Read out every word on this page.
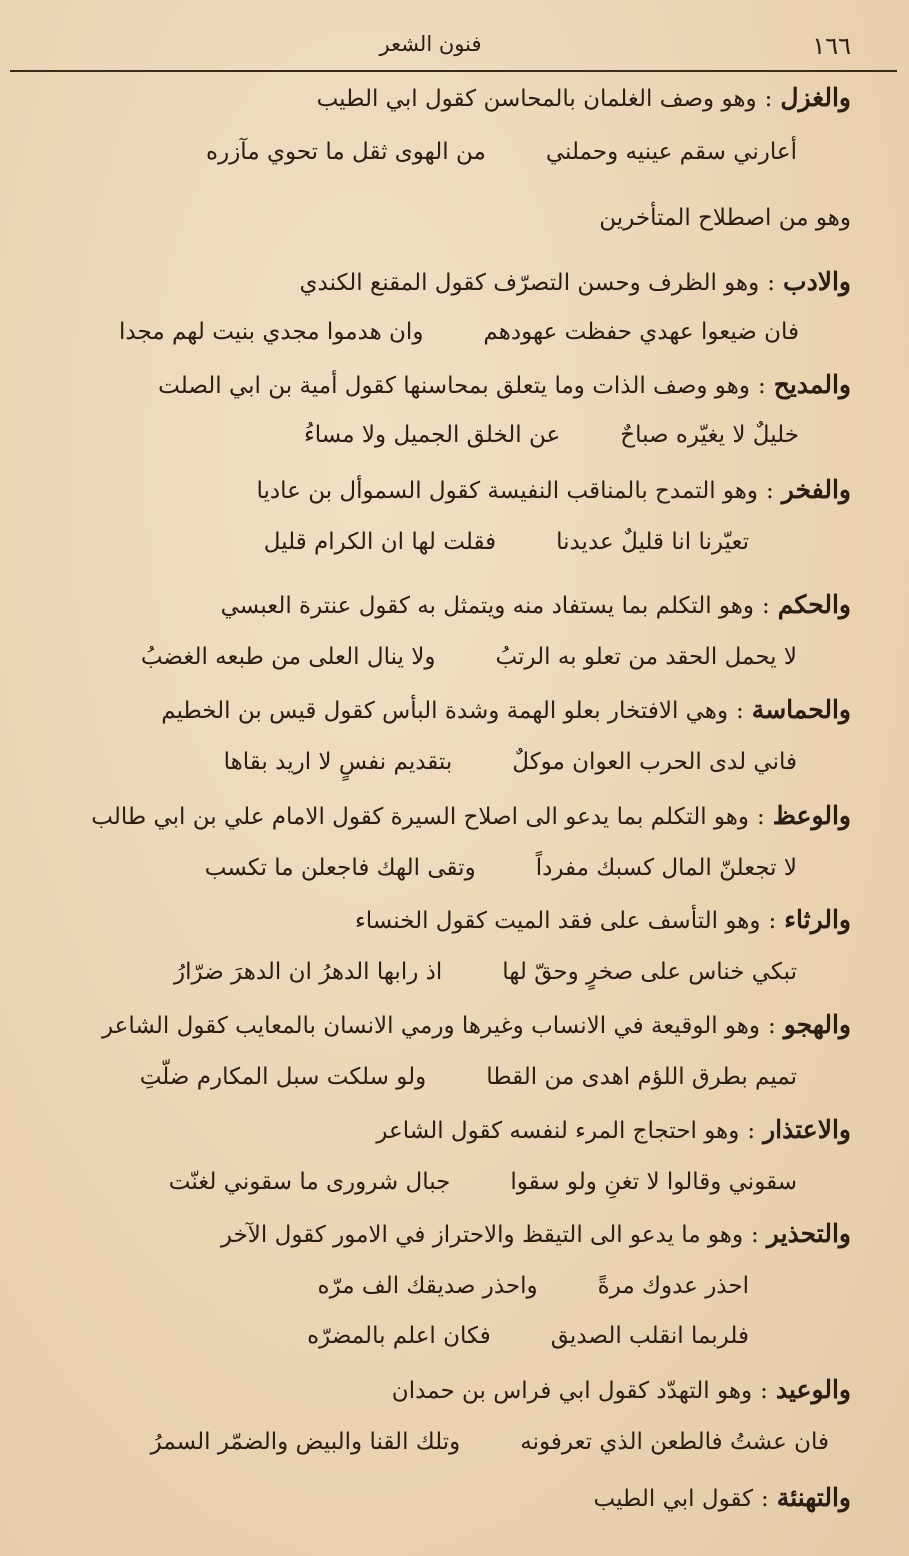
١٦٦
فنون الشعر
والغزل:وهو وصف الغلمان بالمحاسن كقول ابي الطيب
أعارني سقم عينيه وحملني
من الهوى ثقل ما تحوي مآزره
وهو من اصطلاح المتأخرين
والادب:وهو الظرف وحسن التصرّف كقول المقنع الكندي
فان ضيعوا عهدي حفظت عهودهم
وان هدموا مجدي بنيت لهم مجدا
والمديح:وهو وصف الذات وما يتعلق بمحاسنها كقول أمية بن ابي الصلت
خليلٌ لا يغيّره صباحٌ
عن الخلق الجميل ولا مساءُ
والفخر:وهو التمدح بالمناقب النفيسة كقول السموأل بن عاديا
تعيّرنا انا قليلٌ عديدنا
فقلت لها ان الكرام قليل
والحكم:وهو التكلم بما يستفاد منه ويتمثل به كقول عنترة العبسي
لا يحمل الحقد من تعلو به الرتبُ
ولا ينال العلى من طبعه الغضبُ
والحماسة:وهي الافتخار بعلو الهمة وشدة البأس كقول قيس بن الخطيم
فاني لدى الحرب العوان موكلٌ
بتقديم نفسٍ لا اريد بقاها
والوعظ:وهو التكلم بما يدعو الى اصلاح السيرة كقول الامام علي بن ابي طالب
لا تجعلنّ المال كسبك مفرداً
وتقى الهك فاجعلن ما تكسب
والرثاء:وهو التأسف على فقد الميت كقول الخنساء
تبكي خناس على صخرٍ وحقّ لها
اذ رابها الدهرُ ان الدهرَ ضرّارُ
والهجو:وهو الوقيعة في الانساب وغيرها ورمي الانسان بالمعايب كقول الشاعر
تميم بطرق اللؤم اهدى من القطا
ولو سلكت سبل المكارم ضلّتِ
والاعتذار:وهو احتجاج المرء لنفسه كقول الشاعر
سقوني وقالوا لا تغنِ ولو سقوا
جبال شرورى ما سقوني لغنّت
والتحذير:وهو ما يدعو الى التيقظ والاحتراز في الامور كقول الآخر
احذر عدوك مرةً
واحذر صديقك الف مرّه
فلربما انقلب الصديق
فكان اعلم بالمضرّه
والوعيد:وهو التهدّد كقول ابي فراس بن حمدان
فان عشتُ فالطعن الذي تعرفونه
وتلك القنا والبيض والضمّر السمرُ
والتهنئة:كقول ابي الطيب
